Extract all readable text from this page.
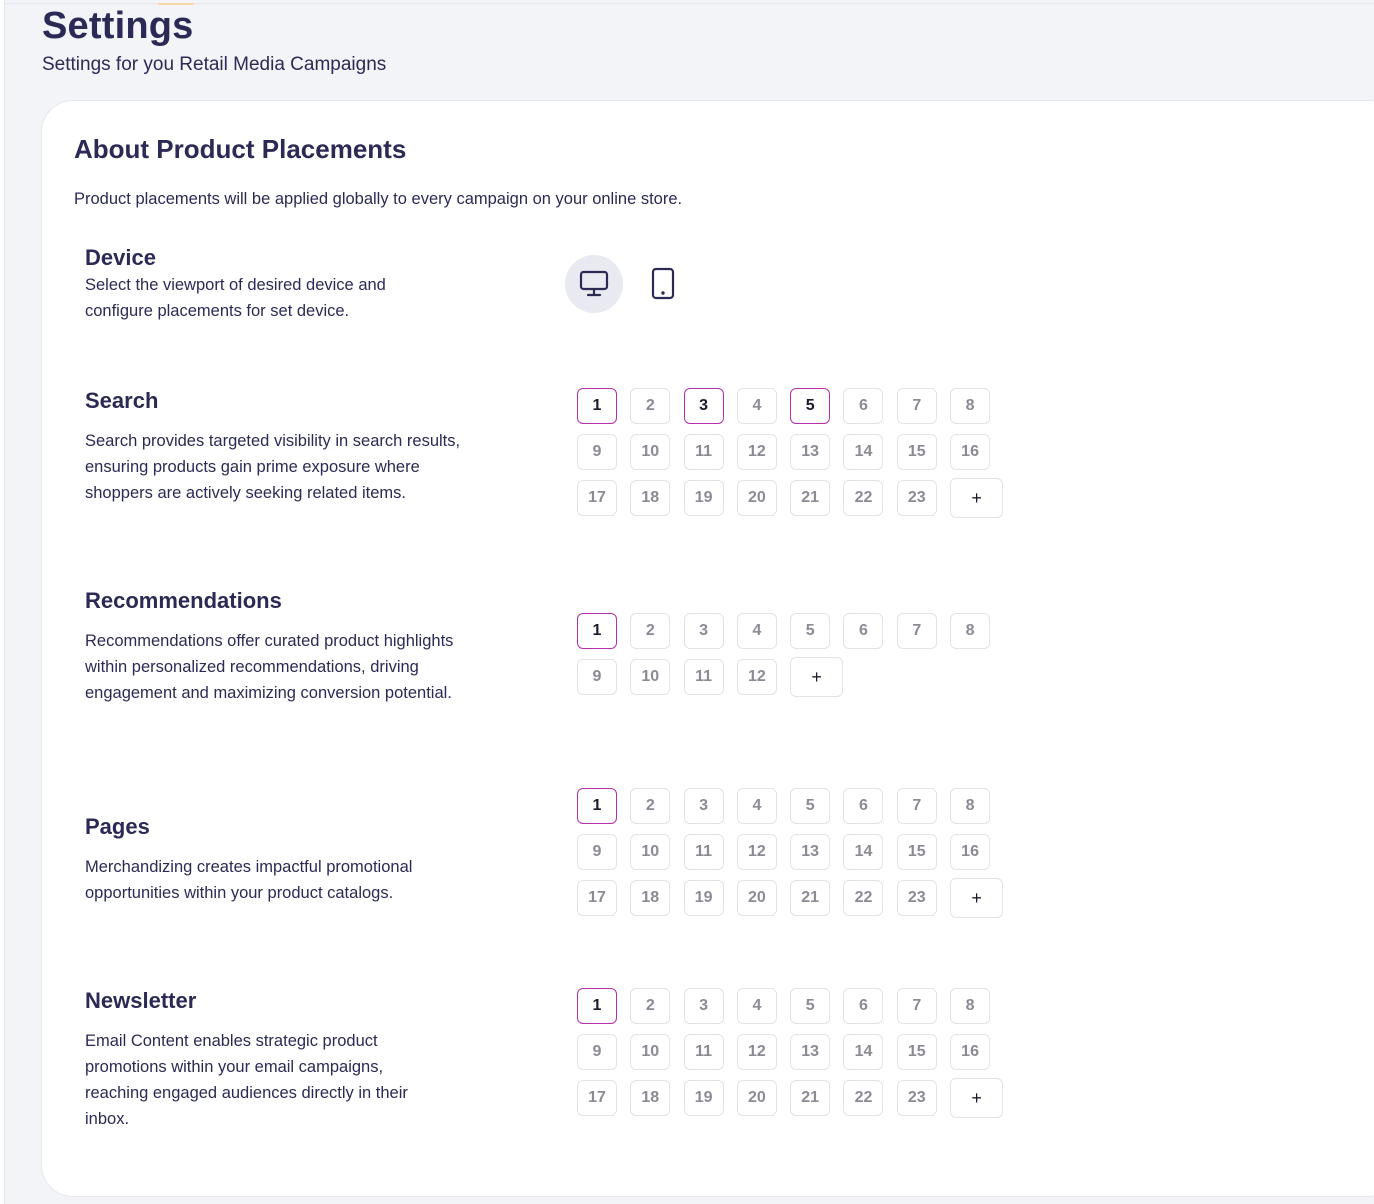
Settings
Settings for you Retail Media Campaigns
About Product Placements
Product placements will be applied globally to every campaign on your online store.
Device
Select the viewport of desired device and configure placements for set device.
Search
Search provides targeted visibility in search results, ensuring products gain prime exposure where shoppers are actively seeking related items.
1	2	3	4	5	6	7	8
9	10	11	12	13	14	15	16
17	18	19	20	21	22	23	+
Recommendations
Recommendations offer curated product highlights within personalized recommendations, driving engagement and maximizing conversion potential.
1	2	3	4	5	6	7	8
9	10	11	12	+
Pages
Merchandizing creates impactful promotional opportunities within your product catalogs.
1	2	3	4	5	6	7	8
9	10	11	12	13	14	15	16
17	18	19	20	21	22	23	+
Newsletter
Email Content enables strategic product promotions within your email campaigns, reaching engaged audiences directly in their inbox.
1	2	3	4	5	6	7	8
9	10	11	12	13	14	15	16
17	18	19	20	21	22	23	+
